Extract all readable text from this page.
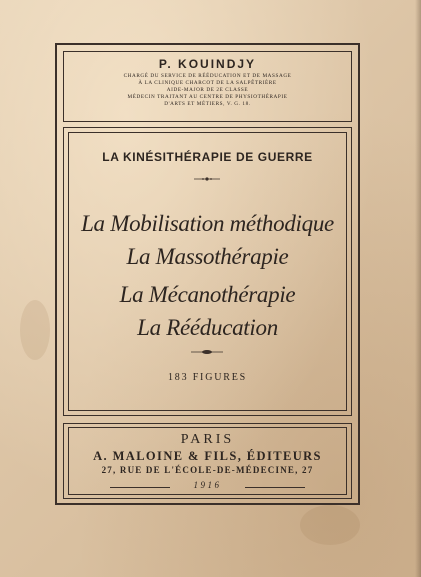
P. KOUINDJY
CHARGÉ DU SERVICE DE RÉÉDUCATION ET DE MASSAGE
À LA CLINIQUE CHARCOT DE LA SALPÊTRIÈRE
AIDE-MAJOR DE 2E CLASSE
MÉDECIN TRAITANT AU CENTRE DE PHYSIOTHÉRAPIE
D'ARTS ET MÉTIERS, V. G. 18.
LA KINÉSITHÉRAPIE DE GUERRE
La Mobilisation méthodique
La Massothérapie
La Mécanothérapie
La Rééducation
183 FIGURES
PARIS
A. MALOINE & FILS, ÉDITEURS
27, RUE DE L'ÉCOLE-DE-MÉDECINE, 27
1916
